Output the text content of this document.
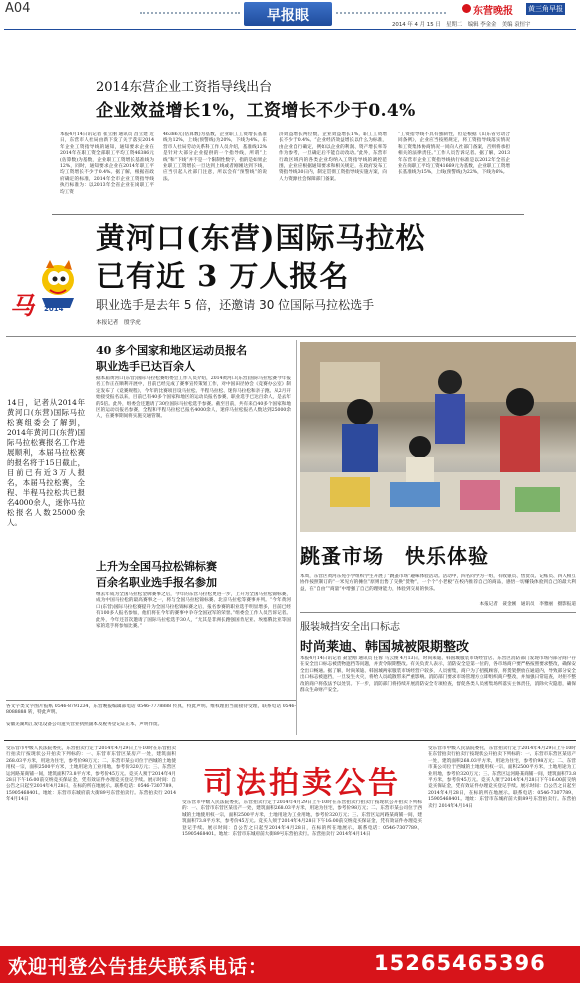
A04	早报眼	东营晚报 黄三角早报
2014 年 4 月 15 日　星期二　编辑 李金金　美编 袁恒宇
2014东营企业工资指导线出台
企业效益增长1%，工资增长不少于0.4%
本报4月14日讯记者 崔立丽 通讯员 昌立建 近日，东营市人社局由新下发了关于落实2014年企业工资指导线的通知，通知要求企业在2014年在职工资全部职工平均工资46386元(估算数)为基数，企业职工工资增长基准线为12%，同时，通知要求企业在2014年职工平均工资增长不少于0.4%。据了解，根据省政府确定的标准，2014年全市企业工资指导线执行标准为：以2013年全省企业在岗职工平均工资
46386元(估算数)为基数，企业职工工资增长基准线为12%，上线(预警线)为20%，下线为4%。东营市人社局劳动关系科工作人员介绍，基准线12%是针对大部分企业提供的一个指导线，所谓“上线”和“下线”并不是一个限制性数字，指的是如果企业职工工资增长一旦达到上线或者刚刚达到下线，应当引起人社部门注意，所以会有“预警线”的说法。
济效益增长两位数，企业效益增长1%，职工工资增长不少于0.4%。“企业经济效益增长以什么为标准，由企业自行确定，例如以企业的利润、资产增长率等作为参考，一旦确定后不能自动改动。”此外，东营市行政区域内的各类企业均纳入工资指导线的调控范围，企业应根据通知要求和相关规定，在政府发布工资指导线30日内，制定贯彻工资指导线实施方案，向人力资源社会保障部门备案。
“工资指导线不具有强制性，但是根据《山东省劳动合同条例》，企业应当按照规定，将工资指导线落实情况和工资集体协商情况一同向人社部门备案，否则将承担相关的法律责任。”工作人员告诉记者。据了解，2013年东营市企业工资指导线执行标准是以2012年全省企业在岗职工平均工资41669元为基数，企业职工工资增长基准线为15%，上线(预警线)为22%，下线为6%。
黄河口(东营)国际马拉松
已有近 3 万人报名
职业选手是去年 5 倍，还邀请 30 位国际马拉松选手
马 2014
本报记者　殷学虎
14日，记者从2014年黄河口(东营)国际马拉松赛组委会了解到，2014年黄河口(东营)国际马拉松赛报名工作进展顺利，本届马拉松赛的报名将于15日截止，目前已有近3万人报名，本届马拉松赛，全程、半程马拉松共已报名4000余人，迷你马拉松报名人数25000余人。
40 多个国家和地区运动员报名
职业选手已达百余人
据本届黄河口(东营)国际马拉松赛组委会工作人员介绍，2014黄河口(东营)国际马拉松赛今年报名工作正在顺利开展中，目前已经完成了赛事宣传策划工作，对中国田径协会《竞赛办公室》制定发布了《竞赛规程》，今年的比赛项目设马拉松、半程马拉松、迷你马拉松和亲子跑。从2月开始接受报名以来，目前已有40多个国家和地区的运动员报名参赛，职业选手已达百余人，是去年的5倍。此外，组委会还邀请了30位国际马拉松选手参赛。截至目前，共有来自40多个国家和地区的运动员报名参赛，全程和半程马拉松已报名4000余人，迷你马拉松报名人数达到25000余人，在赛事期间将实施交通管制。
上升为全国马拉松锦标赛
百余名职业选手报名参加
继去年成为全国马拉松金牌赛事之后，今年的东营马拉松更进一步，上升为全国马拉松锦标赛，成为中国马拉松的最高赛事之一，将与全国马拉松锦标赛、北京马拉松等赛事并列。“今年黄河口(东营)国际马拉松赛提升为全国马拉松锦标赛之后，报名参赛的职业选手明显增多，目前已经有100多人报名参加，他们将在今年的赛事中争夺全国冠军的荣誉。”组委会工作人员告诉记者。此外，今年还首次邀请了国际马拉松选手30人，“尤其是非洲长跑强国肯尼亚、埃塞俄比亚等国家的选手将参加比赛。”
各文字类文字图片报纸 0546-8791234，东营晚报编辑部电话 0546-7778888 传真，特此声明。维权理由当面接待受理，联系电话 0546-8088888 转，特此声明。
安徽芜湖鸠江发电设备公司遗失营业执照副本及税务登记证正本，声明作废。
跳蚤市场　快乐体验
本周，东营区黄河东苑小学组织学生开展了“跳蚤市场”趣味体验活动。活动中，四名同学为一组，有收银员、售货员、记账员、四人相互协作按照制订的“一米见方的摊位”原则出售了交换“货物”，一个个“小老板”在校内推荐自己的商品，感悟一切赚钱体验到自己的最大利益，在“自由”“商量”中增强了自己的理财能力，体验到交易的快乐。
本报记者　聂金刚　通讯员　李雅丽　摄影报道
服装城挡安全出口标志
时尚莱迪、韩国城被限期整改
本报4月14日讯记者 聂金刚 通讯员 任蓉 马云俊 4月13日，时尚莱迪、韩国城服装市场经营店、东营区消防部门发现市场内部分商户存在安全出口标志被货物遮挡等问题，并责令限期整改。有关负责人表示，消防安全是第一位的，各市场商户要严格按照要求整改，确保安全出口畅通。据了解，时尚莱迪、韩国城两家服装市场经营户较多，人员密集，商户为了招揽顾客，将货架摆放在通道内，导致部分安全出口标志被遮挡，一旦发生火灾，将给人员疏散带来严重影响。消防部门要求市场管理方立即组织商户整改，并加强日常巡查，对拒不整改的商户将依法予以处罚。下一步，消防部门将持续开展消防安全专项检查，督促各类人员密集场所落实主体责任，消除火灾隐患，确保群众生命财产安全。
受东营市中级人民法院委托，东营拍卖行定于2014年4月29日上午10时在东营拍卖行拍卖厅按现状公开拍卖下列标的：一、东营市东营区某房产一处，建筑面积268.03平方米，用途为住宅，参考价98万元；二、东营市某公司位于西城的土地使用权一宗，面积2500平方米，土地用途为工业用地，参考价320万元；三、东营区运河路某商铺一间，建筑面积73.8平方米，参考价45万元。竞买人须于2014年4月28日下午16:00前交纳竞买保证金，凭有效证件办理竞买登记手续。展示时间：自公告之日起至2014年4月28日，在标的所在地展示。联系电话：0546-7307789、15905468401。地址：东营市东城府前大街89号东营拍卖行。东营拍卖行 2014年4月14日	司法拍卖公告
受东营市中级人民法院委托，东营拍卖行定于2014年4月29日上午10时在东营拍卖行拍卖厅按现状公开拍卖下列标的：一、东营市东营区某房产一处，建筑面积268.03平方米，用途为住宅，参考价98万元；二、东营市某公司位于西城的土地使用权一宗，面积2500平方米，土地用途为工业用地，参考价320万元；三、东营区运河路某商铺一间，建筑面积73.8平方米，参考价45万元。竞买人须于2014年4月28日下午16:00前交纳竞买保证金，凭有效证件办理竞买登记手续。展示时间：自公告之日起至2014年4月28日，在标的所在地展示。联系电话：0546-7307789、15905468401。地址：东营市东城府前大街89号东营拍卖行。东营拍卖行 2014年4月14日
受东营市中级人民法院委托，东营拍卖行定于2014年4月29日上午10时在东营拍卖行拍卖厅按现状公开拍卖下列标的：一、东营市东营区某房产一处，建筑面积268.03平方米，用途为住宅，参考价98万元；二、东营市某公司位于西城的土地使用权一宗，面积2500平方米，土地用途为工业用地，参考价320万元；三、东营区运河路某商铺一间，建筑面积73.8平方米，参考价45万元。竞买人须于2014年4月28日下午16:00前交纳竞买保证金，凭有效证件办理竞买登记手续。展示时间：自公告之日起至2014年4月28日，在标的所在地展示。联系电话：0546-7307789、15905468401。地址：东营市东城府前大街89号东营拍卖行。东营拍卖行 2014年4月14日
欢迎刊登公告挂失联系电话：	15265465396
